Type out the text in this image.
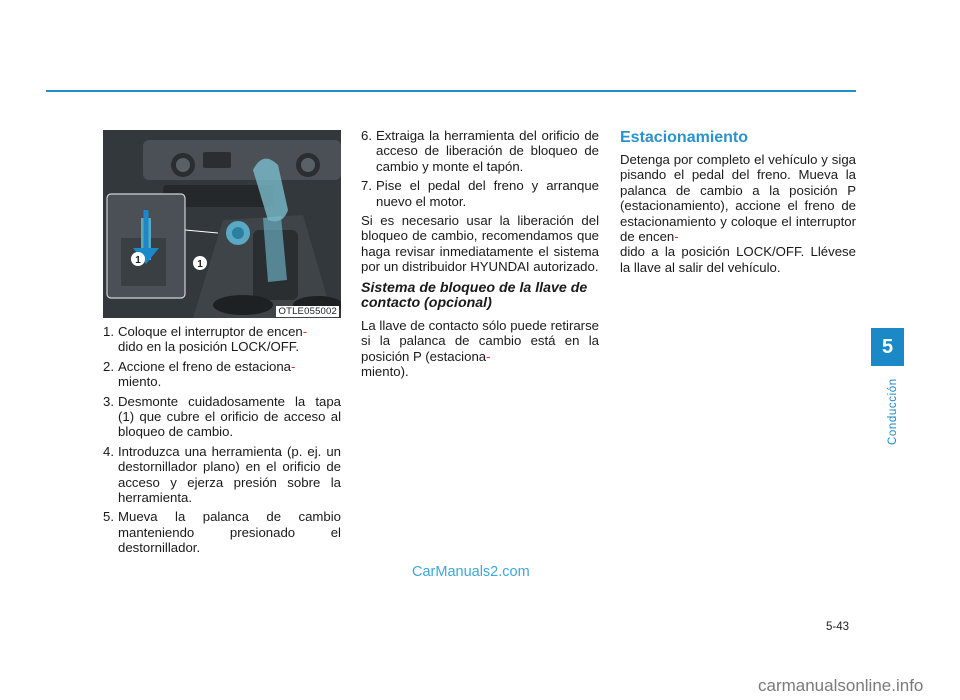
1
1
OTLE055002
1. Coloque el interruptor de encen-
dido en la posición LOCK/OFF.
2. Accione el freno de estaciona-
miento.
3. Desmonte cuidadosamente la tapa (1) que cubre el orificio de acceso al bloqueo de cambio.
4. Introduzca una herramienta (p. ej. un destornillador plano) en el orificio de acceso y ejerza presión sobre la herramienta.
5. Mueva la palanca de cambio manteniendo presionado el destornillador.
6. Extraiga la herramienta del orificio de acceso de liberación de bloqueo de cambio y monte el tapón.
7. Pise el pedal del freno y arranque nuevo el motor.

Si es necesario usar la liberación del bloqueo de cambio, recomendamos que haga revisar inmediatamente el sistema por un distribuidor HYUNDAI autorizado.

Sistema de bloqueo de la llave de contacto (opcional)

La llave de contacto sólo puede retirarse si la palanca de cambio está en la posición P (estaciona-
miento).

Estacionamiento

Detenga por completo el vehículo y siga pisando el pedal del freno. Mueva la palanca de cambio a la posición P (estacionamiento), accione el freno de estacionamiento y coloque el interruptor de encen-
dido a la posición LOCK/OFF. Llévese la llave al salir del vehículo.

5
Conducción
CarManuals2.com
5-43
carmanualsonline.info
